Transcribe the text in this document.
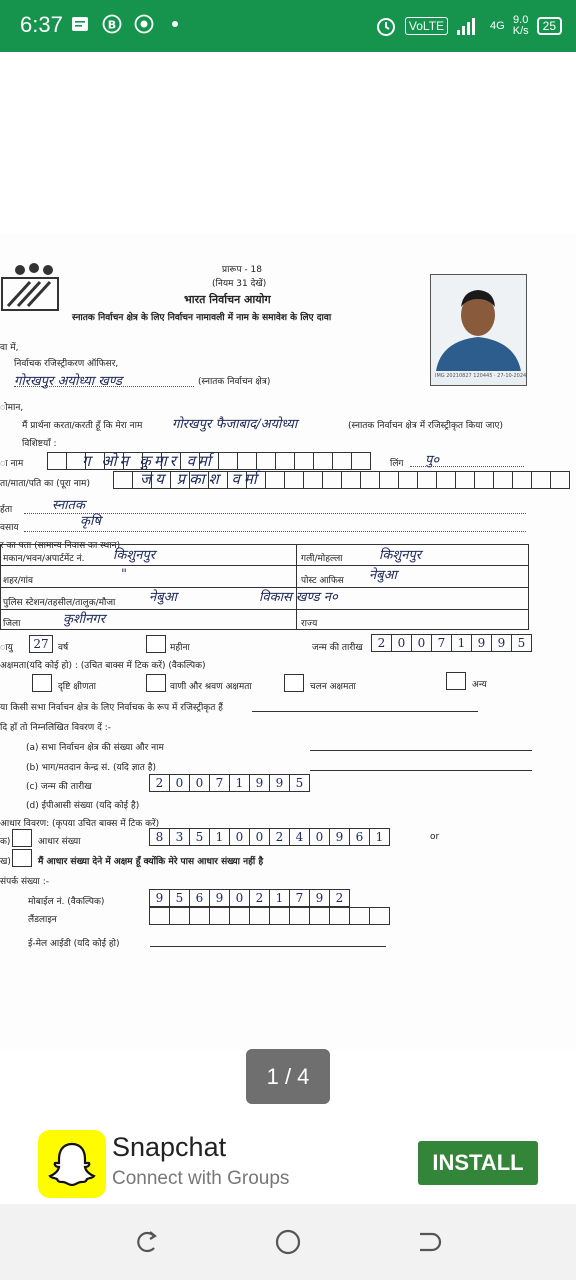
6:37	B	VoLTE	4G 9.0
K/s	25
प्रारूप - 18
(नियम 31 देखें)
भारत निर्वाचन आयोग
स्नातक निर्वाचन क्षेत्र के लिए निर्वाचन नामावली में नाम के समावेश के लिए दावा
IMG 20210827 120445 · 27-10-2024
वा में,
निर्वाचक रजिस्ट्रीकरण ऑफिसर,
गोरखपुर अयोध्या खण्ड	(स्नातक निर्वाचन क्षेत्र)
ोमान,
मैं प्रार्थना करता/करती हूँ कि मेरा नाम गोरखपुर फैजाबाद/अयोध्या	(स्नातक निर्वाचन क्षेत्र में रजिस्ट्रीकृत किया जाए)
विशिष्टयाँ :
ा नाम	ग ओम कुमार वर्मा	लिंग पु०
ता/माता/पति का (पूरा नाम)	जय प्रकाश वर्मा
र्हता	स्नातक
वसाय	कृषि
र का पता (सामान्य निवास का स्थान)
मकान/भवन/अपार्टमेंट नं. किशुनपुर	गली/मोहल्ला	किशुनपुर
शहर/गांव	"	पोस्ट आफिस नेबुआ
पुलिस स्टेशन/तहसील/तालुक/मौजा	नेबुआ	विकास खण्ड न०
जिला	कुशीनगर	राज्य
ायु	27	वर्ष	महीना	जन्म की तारीख	2	0	0	7	1	9	9	5
अक्षमता(यदि कोई हो) : (उचित बाक्स में टिक करें) (वैकल्पिक)
दृष्टि क्षीणता	वाणी और श्रवण अक्षमता	चलन अक्षमता	अन्य
या किसी सभा निर्वाचन क्षेत्र के लिए निर्वाचक के रूप में रजिस्ट्रीकृत हैं
दि हाँ तो निम्नलिखित विवरण दें :-
(a) सभा निर्वाचन क्षेत्र की संख्या और नाम
(b) भाग/मतदान केन्द्र सं. (यदि ज्ञात है)
(c) जन्म की तारीख	2	0	0	7	1	9	9	5
(d) ईपीआसी संख्या (यदि कोई है)
आधार विवरण: (कृपया उचित बाक्स में टिक करें)
क)	आधार संख्या	8	3	5	1	0	0	2	4	0	9	6	1	or
ख)	मैं आधार संख्या देने में अक्षम हूँ क्योंकि मेरे पास आधार संख्या नहीं है
संपर्क संख्या :-
मोबाईल नं. (वैकल्पिक)	9	5	6	9	0	2	1	7	9	2
लैंडलाइन
ई-मेल आईडी (यदि कोई हो)
1 / 4
Snapchat
Connect with Groups
INSTALL
